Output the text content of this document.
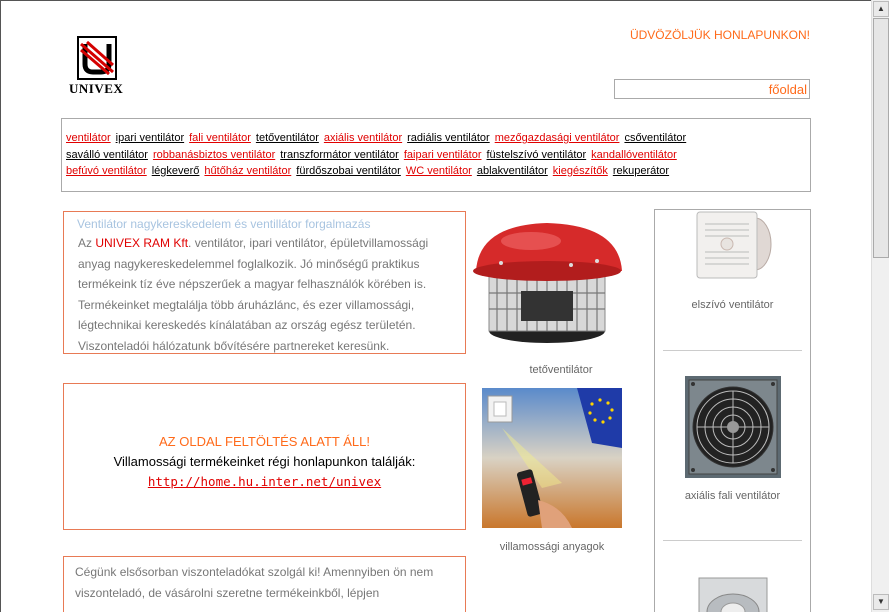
UNIVEX
ÜDVÖZÖLJÜK HONLAPUNKON!
főoldal
ventilátor ipari ventilátor fali ventilátor tetőventilátor axiális ventilátor radiális ventilátor mezőgazdasági ventilátor csőventilátor
saválló ventilátor robbanásbiztos ventilátor transzformátor ventilátor faipari ventilátor füstelszívó ventilátor kandallóventilátor
befúvó ventilátor légkeverő hűtőház ventilátor fürdőszobai ventilátor WC ventilátor ablakventilátor kiegészítők rekuperátor
Ventilátor nagykereskedelem és ventillátor forgalmazás
Az UNIVEX RAM Kft. ventilátor, ipari ventilátor, épületvillamossági anyag nagykereskedelemmel foglalkozik. Jó minőségű praktikus termékeink tíz éve népszerűek a magyar felhasználók körében is. Termékeinket megtalálja több áruházlánc, és ezer villamossági, légtechnikai kereskedés kínálatában az ország egész területén. Viszonteladói hálózatunk bővítésére partnereket keresünk.
AZ OLDAL FELTÖLTÉS ALATT ÁLL!
Villamossági termékeinket régi honlapunkon találják:
http://home.hu.inter.net/univex
Cégünk elsősorban viszonteladókat szolgál ki! Amennyiben ön nem viszonteladó, de vásárolni szeretne termékeinkből, lépjen
tetőventilátor
villamossági anyagok
elszívó ventilátor
axiális fali ventilátor
▲
▼
